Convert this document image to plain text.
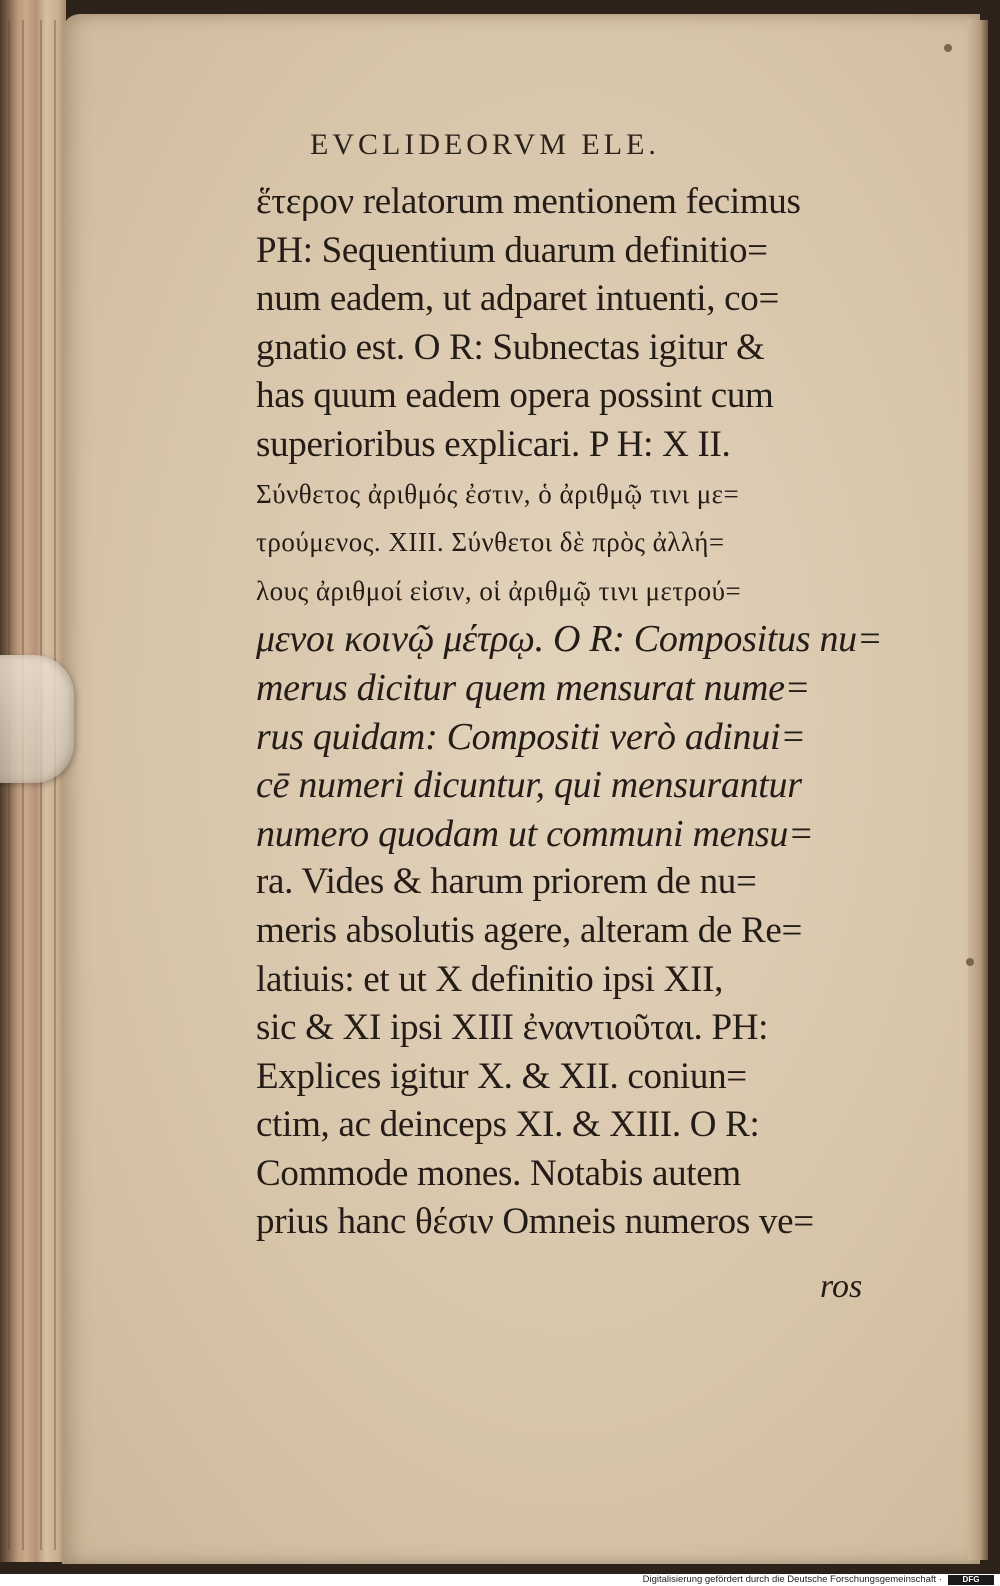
EVCLIDEORVM ELE.
ἕτερον relatorum mentionem fecimus
PH: Sequentium duarum definitio=
num eadem, ut adparet intuenti, co=
gnatio est. O R: Subnectas igitur &
has quum eadem opera possint cum
superioribus explicari. P H: X II.
Σύνθετος ἀριθμός ἐστιν, ὁ ἀριθμῷ τινι με=
τρούμενος. XIII. Σύνθετοι δὲ πρὸς ἀλλή=
λους ἀριθμοί εἰσιν, οἱ ἀριθμῷ τινι μετρού=
μενοι κοινῷ μέτρῳ. O R: Compositus nu=
merus dicitur quem mensurat nume=
rus quidam: Compositi verò adinui=
cē numeri dicuntur, qui mensurantur
numero quodam ut communi mensu=
ra. Vides & harum priorem de nu=
meris absolutis agere, alteram de Re=
latiuis: et ut X definitio ipsi XII,
sic & XI ipsi XIII ἐναντιοῦται. PH:
Explices igitur X. & XII. coniun=
ctim, ac deinceps XI. & XIII. O R:
Commode mones. Notabis autem
prius hanc θέσιν Omneis numeros ve=
ros
Digitalisierung gefördert durch die Deutsche Forschungsgemeinschaft ·	DFG
